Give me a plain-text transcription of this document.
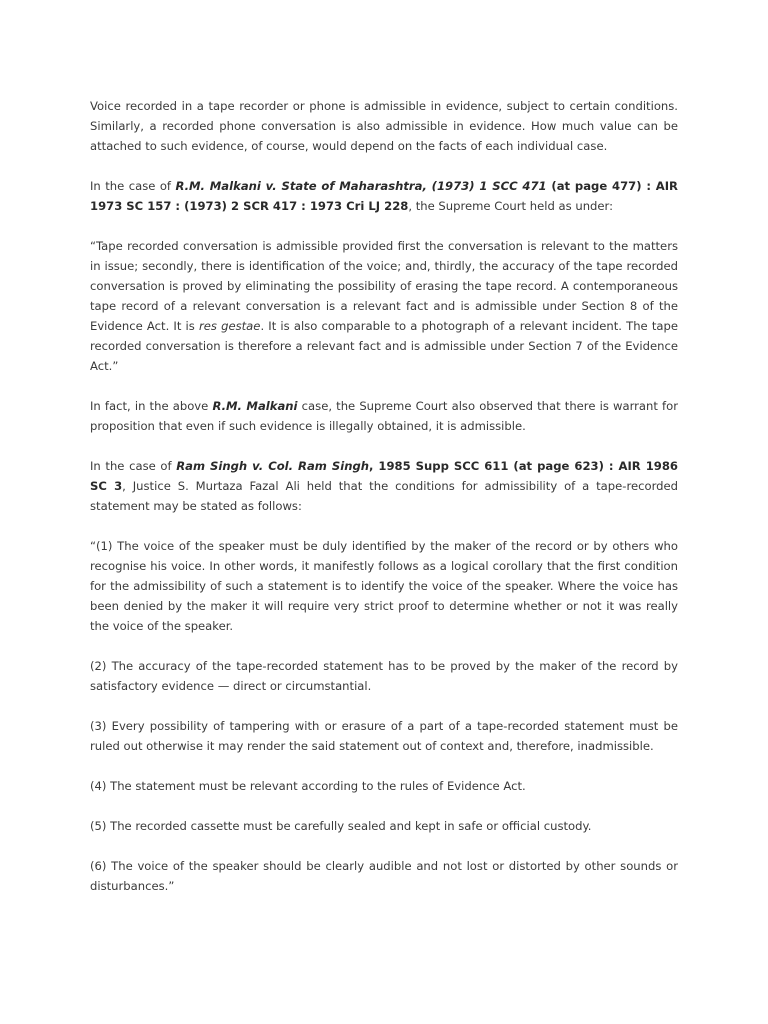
Voice recorded in a tape recorder or phone is admissible in evidence, subject to certain conditions. Similarly, a recorded phone conversation is also admissible in evidence. How much value can be attached to such evidence, of course, would depend on the facts of each individual case.

In the case of R.M. Malkani v. State of Maharashtra, (1973) 1 SCC 471 (at page 477) : AIR 1973 SC 157 : (1973) 2 SCR 417 : 1973 Cri LJ 228, the Supreme Court held as under:

“Tape recorded conversation is admissible provided first the conversation is relevant to the matters in issue; secondly, there is identification of the voice; and, thirdly, the accuracy of the tape recorded conversation is proved by eliminating the possibility of erasing the tape record. A contemporaneous tape record of a relevant conversation is a relevant fact and is admissible under Section 8 of the Evidence Act. It is res gestae. It is also comparable to a photograph of a relevant incident. The tape recorded conversation is therefore a relevant fact and is admissible under Section 7 of the Evidence Act.”

In fact, in the above R.M. Malkani case, the Supreme Court also observed that there is warrant for proposition that even if such evidence is illegally obtained, it is admissible.

In the case of Ram Singh v. Col. Ram Singh, 1985 Supp SCC 611 (at page 623) : AIR 1986 SC 3, Justice S. Murtaza Fazal Ali held that the conditions for admissibility of a tape-recorded statement may be stated as follows:

“(1) The voice of the speaker must be duly identified by the maker of the record or by others who recognise his voice. In other words, it manifestly follows as a logical corollary that the first condition for the admissibility of such a statement is to identify the voice of the speaker. Where the voice has been denied by the maker it will require very strict proof to determine whether or not it was really the voice of the speaker.

(2) The accuracy of the tape-recorded statement has to be proved by the maker of the record by satisfactory evidence — direct or circumstantial.

(3) Every possibility of tampering with or erasure of a part of a tape-recorded statement must be ruled out otherwise it may render the said statement out of context and, therefore, inadmissible.

(4) The statement must be relevant according to the rules of Evidence Act.

(5) The recorded cassette must be carefully sealed and kept in safe or official custody.

(6) The voice of the speaker should be clearly audible and not lost or distorted by other sounds or disturbances.”
